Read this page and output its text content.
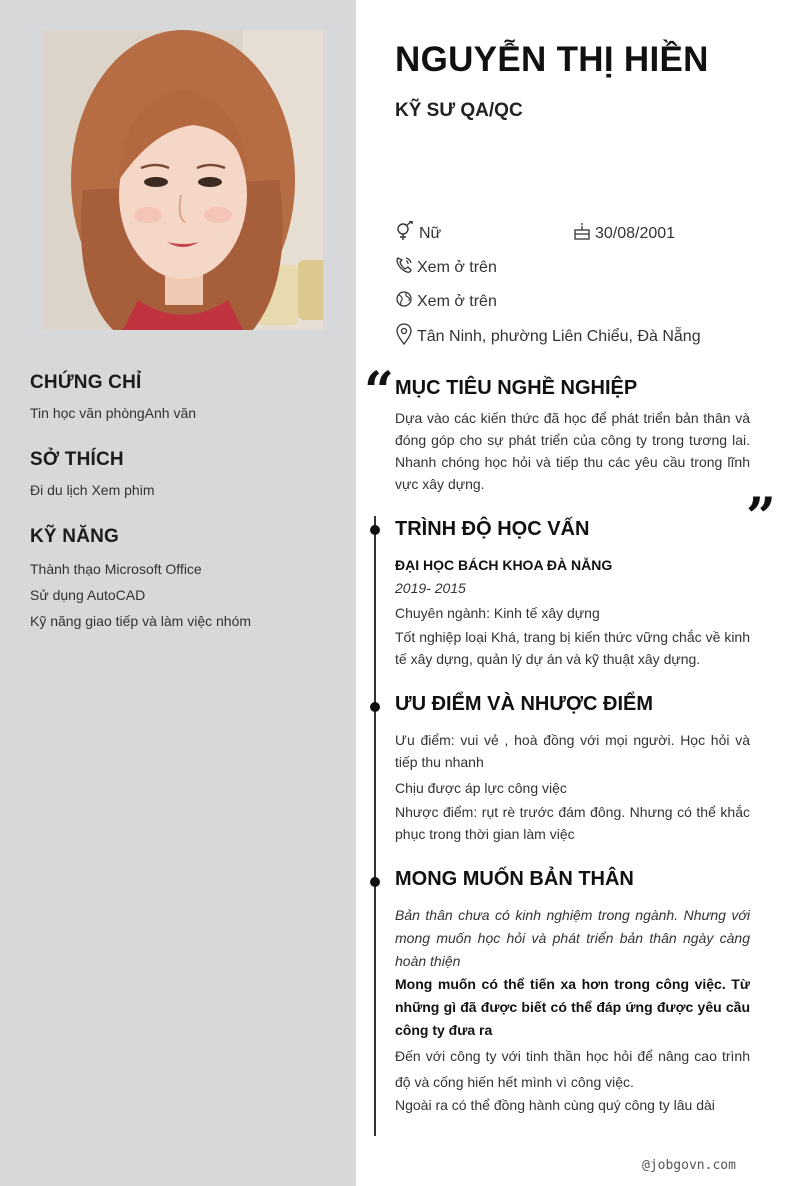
CHỨNG CHỈ
Tin học văn phòngAnh văn
SỞ THÍCH
Đi du lịch Xem phim
KỸ NĂNG
Thành thạo Microsoft Office
Sử dụng AutoCAD
Kỹ năng giao tiếp và làm việc nhóm
NGUYỄN THỊ HIỀN
KỸ SƯ QA/QC
Nữ	30/08/2001
Xem ở trên
Xem ở trên
Tân Ninh, phường Liên Chiểu, Đà Nẵng
“
”
MỤC TIÊU NGHỀ NGHIỆP
Dựa vào các kiến thức đã học để phát triển bản thân và đóng góp cho sự phát triển của công ty trong tương lai. Nhanh chóng học hỏi và tiếp thu các yêu cầu trong lĩnh vực xây dựng.
TRÌNH ĐỘ HỌC VẤN
ĐẠI HỌC BÁCH KHOA ĐÀ NẴNG
2019- 2015
Chuyên ngành: Kinh tế xây dựng
Tốt nghiệp loại Khá, trang bị kiến thức vững chắc về kinh tế xây dựng, quản lý dự án và kỹ thuật xây dựng.
ƯU ĐIỂM VÀ NHƯỢC ĐIỂM
Ưu điểm: vui vẻ , hoà đồng với mọi người. Học hỏi và tiếp thu nhanh
Chịu được áp lực công việc
Nhược điểm: rụt rè trước đám đông. Nhưng có thể khắc phục trong thời gian làm việc
MONG MUỐN BẢN THÂN
Bản thân chưa có kinh nghiệm trong ngành. Nhưng với mong muốn học hỏi và phát triển bản thân ngày càng hoàn thiện
Mong muốn có thể tiến xa hơn trong công việc. Từ những gì đã được biết có thể đáp ứng được yêu cầu công ty đưa ra
Đến với công ty với tinh thần học hỏi để nâng cao trình độ và cống hiến hết mình vì công việc.
Ngoài ra có thể đồng hành cùng quý công ty lâu dài
@jobgovn.com
